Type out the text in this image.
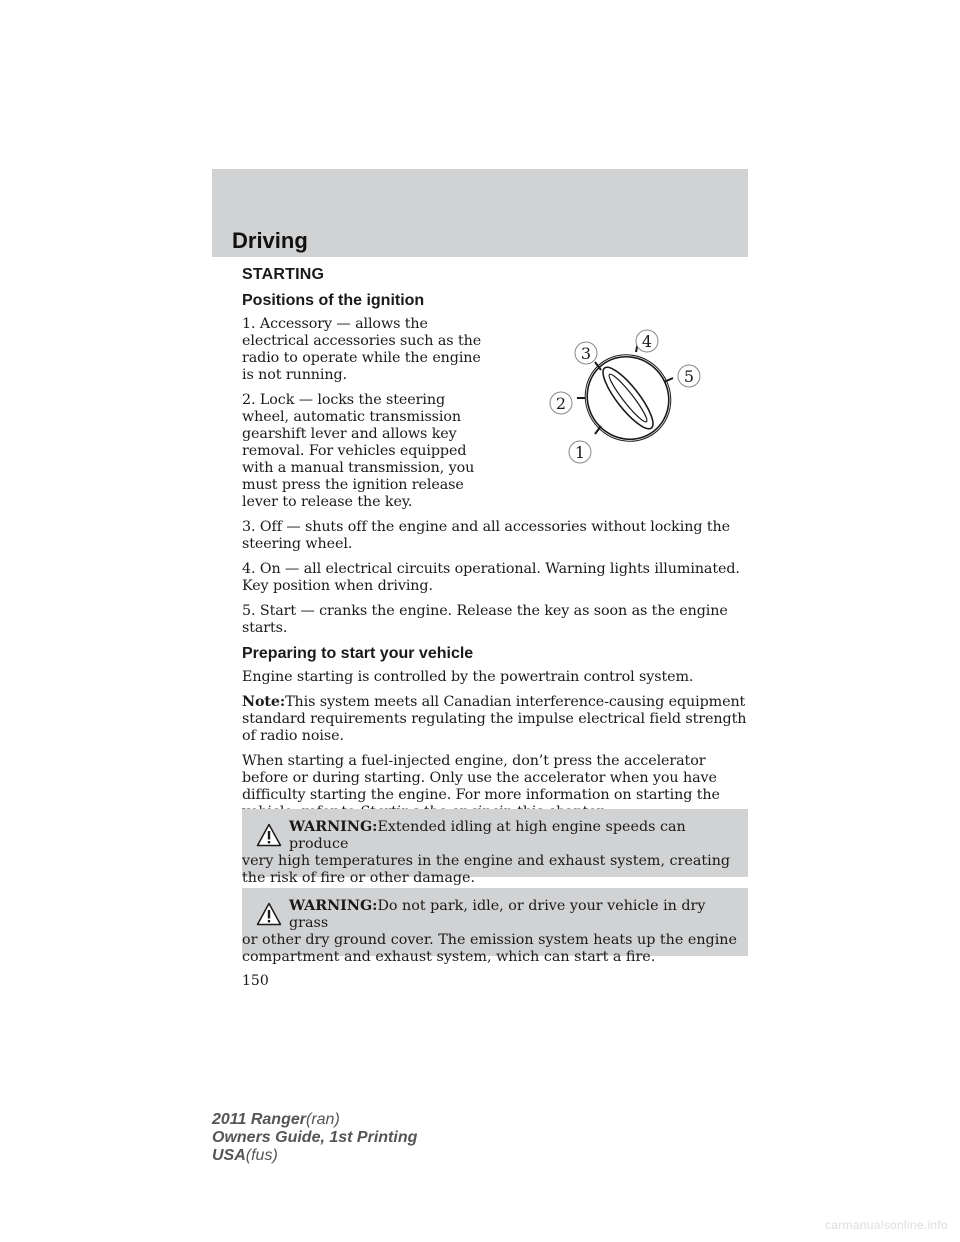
Driving
STARTING
Positions of the ignition

1. Accessory — allows the electrical accessories such as the radio to operate while the engine is not running.

2. Lock — locks the steering wheel, automatic transmission gearshift lever and allows key removal. For vehicles equipped with a manual transmission, you must press the ignition release lever to release the key.

3. Off — shuts off the engine and all accessories without locking the steering wheel.

4. On — all electrical circuits operational. Warning lights illuminated. Key position when driving.

5. Start — cranks the engine. Release the key as soon as the engine starts.

Preparing to start your vehicle

Engine starting is controlled by the powertrain control system.

Note:This system meets all Canadian interference-causing equipment standard requirements regulating the impulse electrical field strength of radio noise.

When starting a fuel-injected engine, don’t press the accelerator before or during starting. Only use the accelerator when you have difficulty starting the engine. For more information on starting the

1
2
3
4
5
WARNING:Extended idling at high engine speeds can produce
very high temperatures in the engine and exhaust system, creating the risk of fire or other damage.
WARNING:Do not park, idle, or drive your vehicle in dry grass
or other dry ground cover. The emission system heats up the engine compartment and exhaust system, which can start a fire.
150
2011 Ranger(ran)
Owners Guide, 1st Printing
USA(fus)
carmanualsonline.info
